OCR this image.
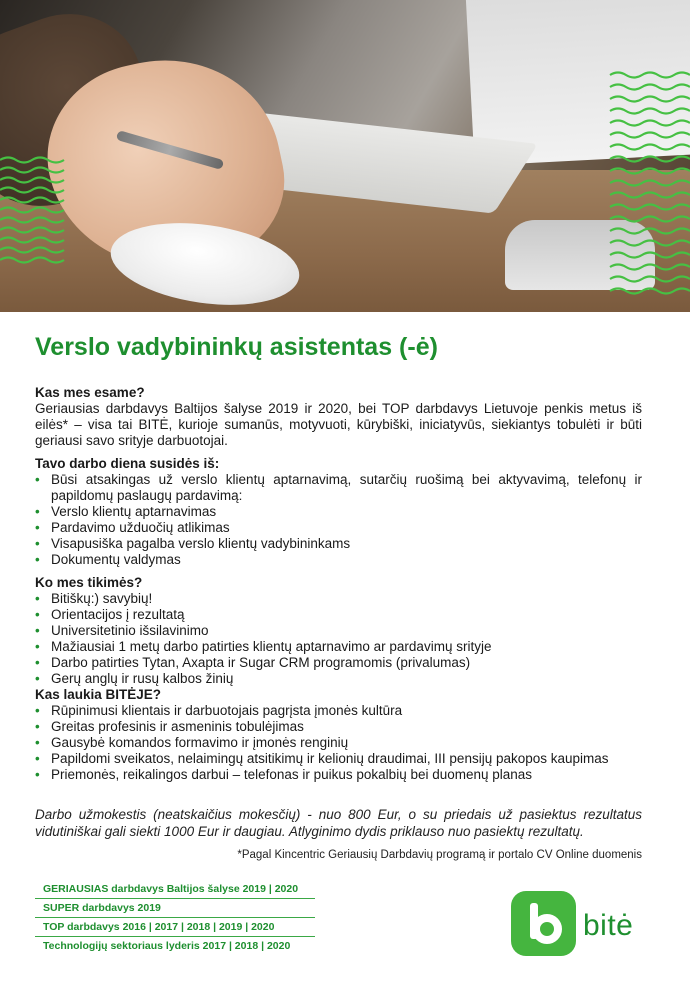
Verslo vadybininkų asistentas (-ė)

Kas mes esame?

Geriausias darbdavys Baltijos šalyse 2019 ir 2020, bei TOP darbdavys Lietuvoje penkis metus iš eilės* – visa tai BITĖ, kurioje sumanūs, motyvuoti, kūrybiški, iniciatyvūs, siekiantys tobulėti ir būti geriausi savo srityje darbuotojai.

Tavo darbo diena susidės iš:

• Būsi atsakingas už verslo klientų aptarnavimą, sutarčių ruošimą bei aktyvavimą, telefonų ir papildomų paslaugų pardavimą:
• Verslo klientų aptarnavimas
• Pardavimo užduočių atlikimas
• Visapusiška pagalba verslo klientų vadybininkams
• Dokumentų valdymas

Ko mes tikimės?

• Bitiškų:) savybių!
• Orientacijos į rezultatą
• Universitetinio išsilavinimo
• Mažiausiai 1 metų darbo patirties klientų aptarnavimo ar pardavimų srityje
• Darbo patirties Tytan, Axapta ir Sugar CRM programomis (privalumas)
• Gerų anglų ir rusų kalbos žinių

Kas laukia BITĖJE?

• Rūpinimusi klientais ir darbuotojais pagrįsta įmonės kultūra
• Greitas profesinis ir asmeninis tobulėjimas
• Gausybė komandos formavimo ir įmonės renginių
• Papildomi sveikatos, nelaimingų atsitikimų ir kelionių draudimai, III pensijų pakopos kaupimas
• Priemonės, reikalingos darbui – telefonas ir puikus pokalbių bei duomenų planas

Darbo užmokestis (neatskaičius mokesčių) - nuo 800 Eur, o su priedais už pasiektus rezultatus vidutiniškai gali siekti 1000 Eur ir daugiau. Atlyginimo dydis priklauso nuo pasiektų rezultatų.

*Pagal Kincentric Geriausių Darbdavių programą ir portalo CV Online duomenis

GERIAUSIAS darbdavys Baltijos šalyse 2019 | 2020
SUPER darbdavys 2019
TOP darbdavys 2016 | 2017 | 2018 | 2019 | 2020
Technologijų sektoriaus lyderis 2017 | 2018 | 2020
bitė
